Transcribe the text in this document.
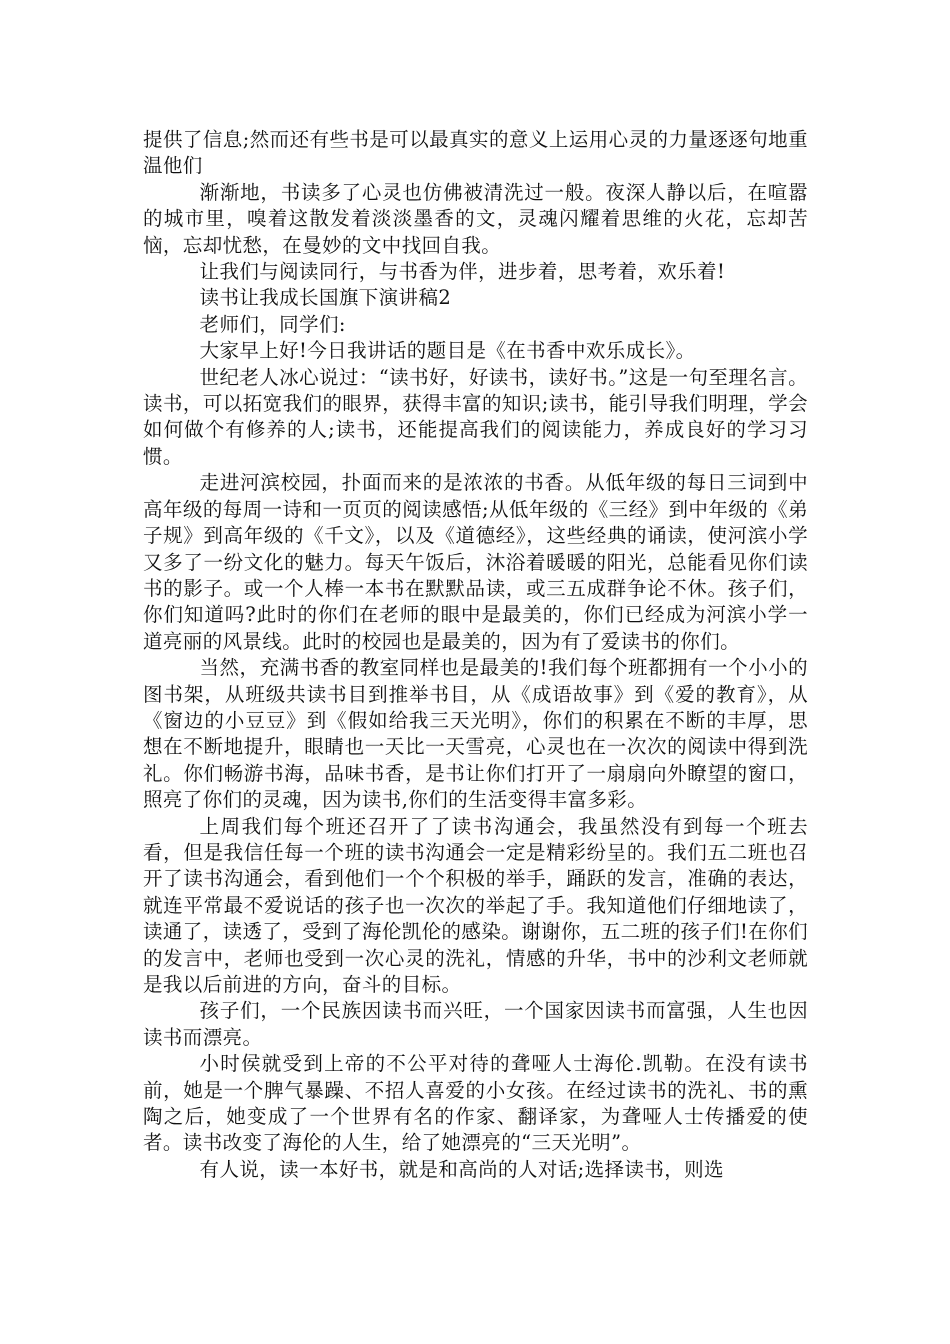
提供了信息;然而还有些书是可以最真实的意义上运用心灵的力量逐逐句地重温他们

渐渐地，书读多了心灵也仿佛被清洗过一般。夜深人静以后，在喧嚣的城市里，嗅着这散发着淡淡墨香的文，灵魂闪耀着思维的火花，忘却苦恼，忘却忧愁，在曼妙的文中找回自我。

让我们与阅读同行，与书香为伴，进步着，思考着，欢乐着!

读书让我成长国旗下演讲稿2

老师们，同学们:

大家早上好!今日我讲话的题目是《在书香中欢乐成长》。

世纪老人冰心说过：“读书好，好读书，读好书。”这是一句至理名言。读书，可以拓宽我们的眼界，获得丰富的知识;读书，能引导我们明理，学会如何做个有修养的人;读书，还能提高我们的阅读能力，养成良好的学习习惯。

走进河滨校园，扑面而来的是浓浓的书香。从低年级的每日三词到中高年级的每周一诗和一页页的阅读感悟;从低年级的《三经》到中年级的《弟子规》到高年级的《千文》，以及《道德经》，这些经典的诵读，使河滨小学又多了一纷文化的魅力。每天午饭后，沐浴着暖暖的阳光，总能看见你们读书的影子。或一个人棒一本书在默默品读，或三五成群争论不休。孩子们，你们知道吗?此时的你们在老师的眼中是最美的，你们已经成为河滨小学一道亮丽的风景线。此时的校园也是最美的，因为有了爱读书的你们。

当然，充满书香的教室同样也是最美的!我们每个班都拥有一个小小的图书架，从班级共读书目到推举书目，从《成语故事》到《爱的教育》，从《窗边的小豆豆》到《假如给我三天光明》，你们的积累在不断的丰厚，思想在不断地提升，眼睛也一天比一天雪亮，心灵也在一次次的阅读中得到洗礼。你们畅游书海，品味书香，是书让你们打开了一扇扇向外瞭望的窗口，照亮了你们的灵魂，因为读书,你们的生活变得丰富多彩。

上周我们每个班还召开了了读书沟通会，我虽然没有到每一个班去看，但是我信任每一个班的读书沟通会一定是精彩纷呈的。我们五二班也召开了读书沟通会，看到他们一个个积极的举手，踊跃的发言，准确的表达，就连平常最不爱说话的孩子也一次次的举起了手。我知道他们仔细地读了，读通了，读透了，受到了海伦凯伦的感染。谢谢你，五二班的孩子们!在你们的发言中，老师也受到一次心灵的洗礼，情感的升华，书中的沙利文老师就是我以后前进的方向，奋斗的目标。

孩子们，一个民族因读书而兴旺，一个国家因读书而富强，人生也因读书而漂亮。

小时侯就受到上帝的不公平对待的聋哑人士海伦.凯勒。在没有读书前，她是一个脾气暴躁、不招人喜爱的小女孩。在经过读书的洗礼、书的熏陶之后，她变成了一个世界有名的作家、翻译家，为聋哑人士传播爱的使者。读书改变了海伦的人生，给了她漂亮的“三天光明”。

有人说，读一本好书，就是和高尚的人对话;选择读书，则选
